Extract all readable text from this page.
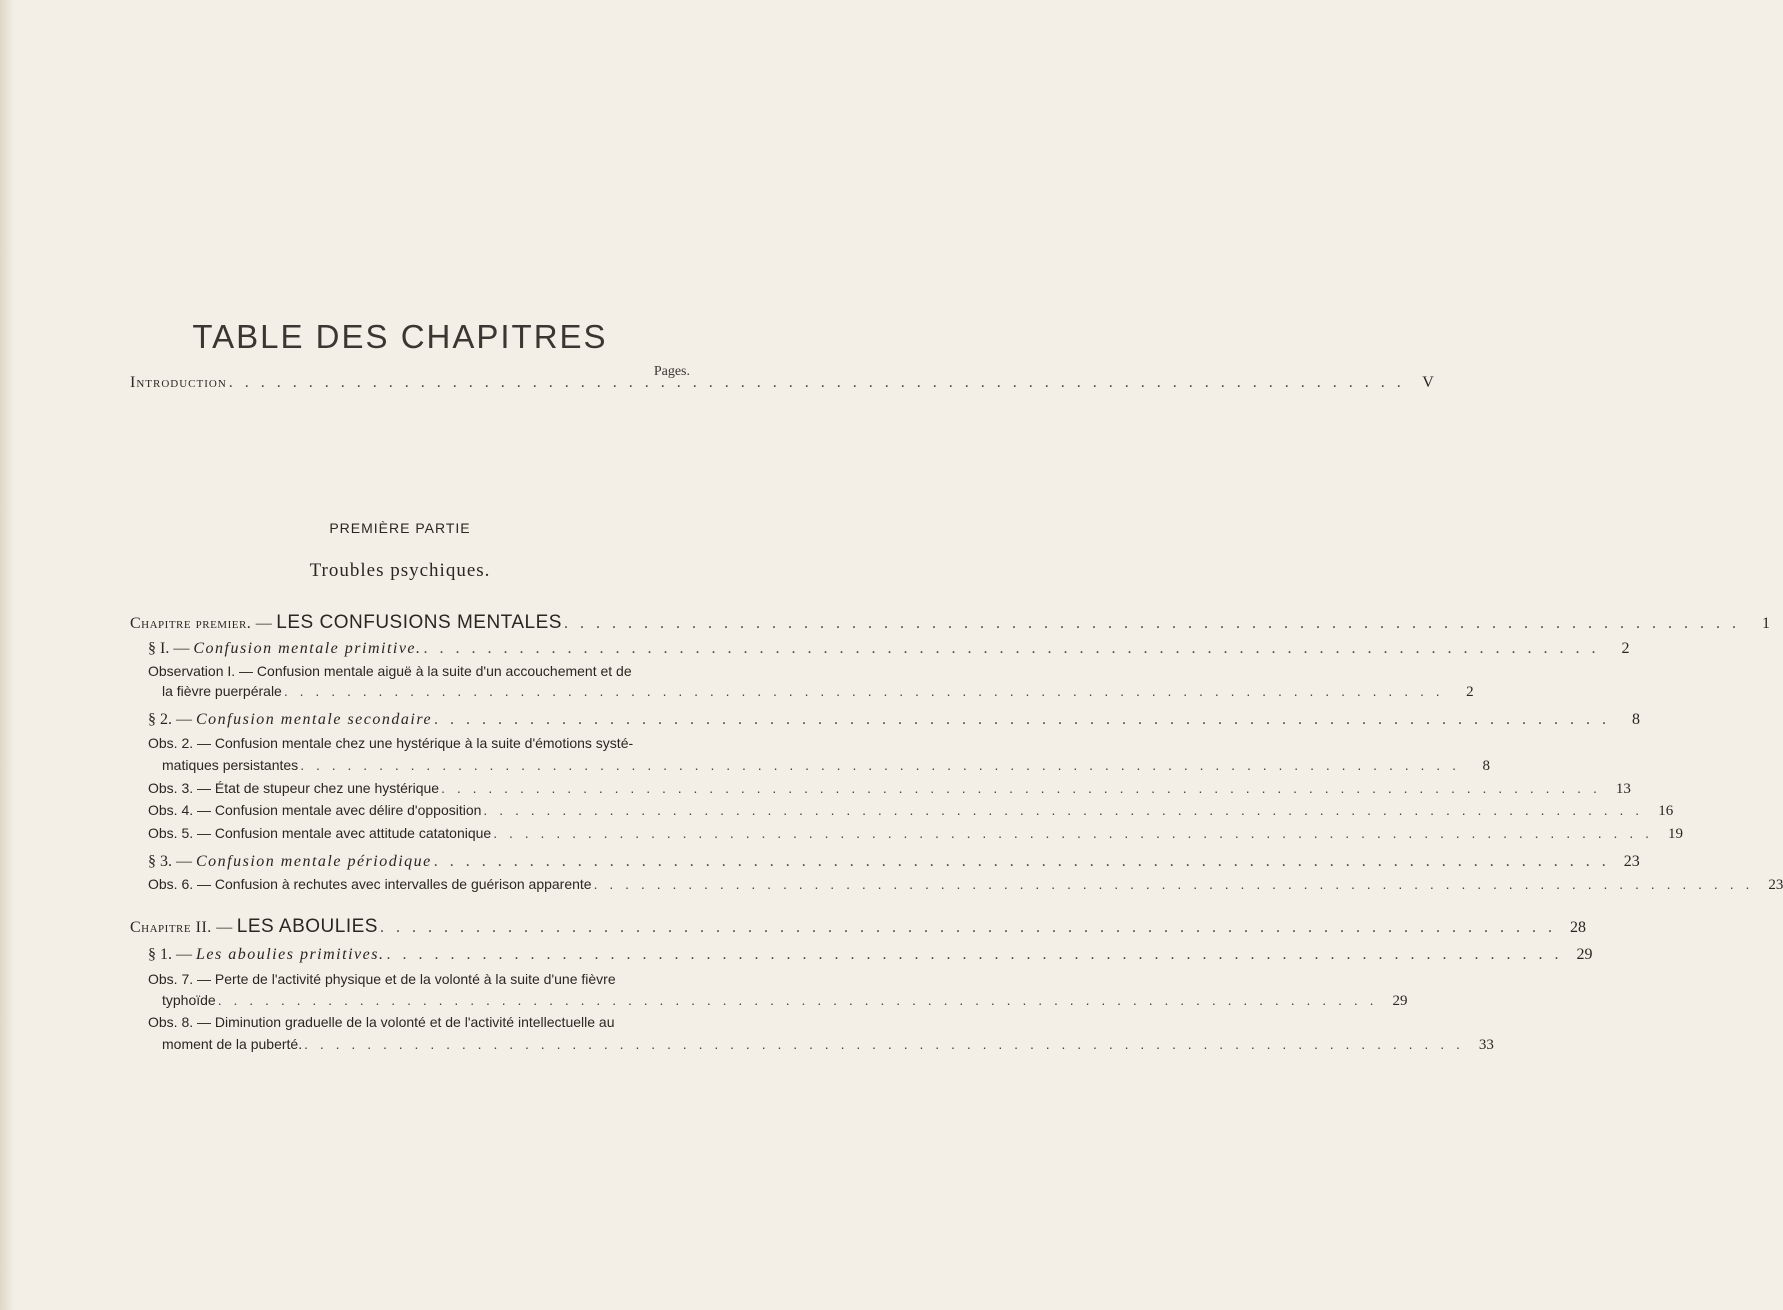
TABLE DES CHAPITRES
Pages.
Introduction . . .	V
PREMIÈRE PARTIE
Troubles psychiques.
Chapitre premier. — LES CONFUSIONS MENTALES . . .	1
§ I. — Confusion mentale primitive. . . .	2
Observation I. — Confusion mentale aiguë à la suite d'un accouchement et de
la fièvre puerpérale . . .	2
§ 2. — Confusion mentale secondaire . . .	8
Obs. 2. — Confusion mentale chez une hystérique à la suite d'émotions systé-
matiques persistantes . . .	8
Obs. 3. — État de stupeur chez une hystérique . . .	13
Obs. 4. — Confusion mentale avec délire d'opposition . . .	16
Obs. 5. — Confusion mentale avec attitude catatonique . . .	19
§ 3. — Confusion mentale périodique . . .	23
Obs. 6. — Confusion à rechutes avec intervalles de guérison apparente . . .	23
Chapitre II. — LES ABOULIES . . .	28
§ 1. — Les aboulies primitives. . . .	29
Obs. 7. — Perte de l'activité physique et de la volonté à la suite d'une fièvre
typhoïde . . .	29
Obs. 8. — Diminution graduelle de la volonté et de l'activité intellectuelle au
moment de la puberté. . . .	33
